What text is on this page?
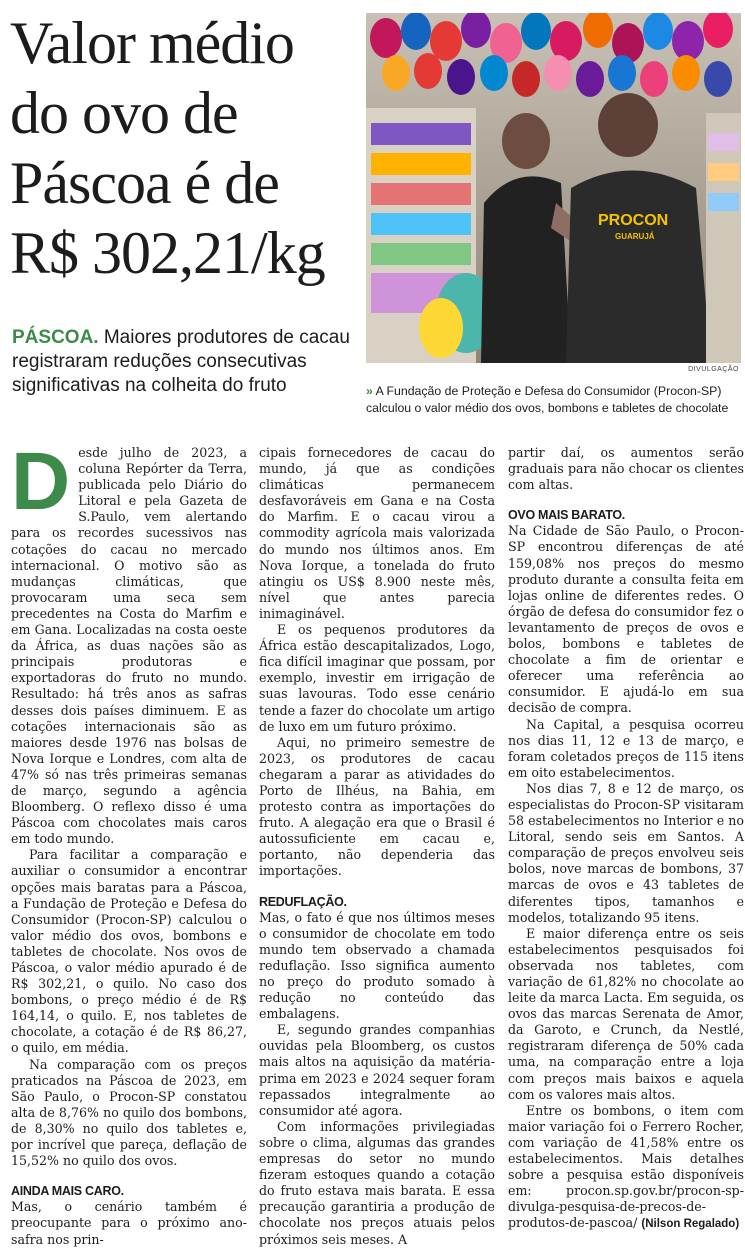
Valor médio do ovo de Páscoa é de R$ 302,21/kg

PÁSCOA. Maiores produtores de cacau registraram reduções consecutivas significativas na colheita do fruto

PROCON
GUARUJÁ
DIVULGAÇÃO

» A Fundação de Proteção e Defesa do Consumidor (Procon-SP) calculou o valor médio dos ovos, bombons e tabletes de chocolate

Desde julho de 2023, a coluna Repórter da Terra, publicada pelo Diário do Litoral e pela Gazeta de S.Paulo, vem alertando para os recordes sucessivos nas cotações do cacau no mercado internacional. O motivo são as mudanças climáticas, que provocaram uma seca sem precedentes na Costa do Marfim e em Gana. Localizadas na costa oeste da África, as duas nações são as principais produtoras e exportadoras do fruto no mundo. Resultado: há três anos as safras desses dois países diminuem. E as cotações internacionais são as maiores desde 1976 nas bolsas de Nova Iorque e Londres, com alta de 47% só nas três primeiras semanas de março, segundo a agência Bloomberg. O reflexo disso é uma Páscoa com chocolates mais caros em todo mundo.

Para facilitar a comparação e auxiliar o consumidor a encontrar opções mais baratas para a Páscoa, a Fundação de Proteção e Defesa do Consumidor (Procon-SP) calculou o valor médio dos ovos, bombons e tabletes de chocolate. Nos ovos de Páscoa, o valor médio apurado é de R$ 302,21, o quilo. No caso dos bombons, o preço médio é de R$ 164,14, o quilo. E, nos tabletes de chocolate, a cotação é de R$ 86,27, o quilo, em média.

Na comparação com os preços praticados na Páscoa de 2023, em São Paulo, o Procon-SP constatou alta de 8,76% no quilo dos bombons, de 8,30% no quilo dos tabletes e, por incrível que pareça, deflação de 15,52% no quilo dos ovos.

AINDA MAIS CARO.

Mas, o cenário também é preocupante para o próximo ano-safra nos prin-

cipais fornecedores de cacau do mundo, já que as condições climáticas permanecem desfavoráveis em Gana e na Costa do Marfim. E o cacau virou a commodity agrícola mais valorizada do mundo nos últimos anos. Em Nova Iorque, a tonelada do fruto atingiu os US$ 8.900 neste mês, nível que antes parecia inimaginável.

E os pequenos produtores da África estão descapitalizados, Logo, fica difícil imaginar que possam, por exemplo, investir em irrigação de suas lavouras. Todo esse cenário tende a fazer do chocolate um artigo de luxo em um futuro próximo.

Aqui, no primeiro semestre de 2023, os produtores de cacau chegaram a parar as atividades do Porto de Ilhéus, na Bahia, em protesto contra as importações do fruto. A alegação era que o Brasil é autossuficiente em cacau e, portanto, não dependeria das importações.

REDUFLAÇÃO.

Mas, o fato é que nos últimos meses o consumidor de chocolate em todo mundo tem observado a chamada reduflação. Isso significa aumento no preço do produto somado à redução no conteúdo das embalagens.

E, segundo grandes companhias ouvidas pela Bloomberg, os custos mais altos na aquisição da matéria-prima em 2023 e 2024 sequer foram repassados integralmente ao consumidor até agora.

Com informações privilegiadas sobre o clima, algumas das grandes empresas do setor no mundo fizeram estoques quando a cotação do fruto estava mais barata. E essa precaução garantiria a produção de chocolate nos preços atuais pelos próximos seis meses. A

partir daí, os aumentos serão graduais para não chocar os clientes com altas.

OVO MAIS BARATO.

Na Cidade de São Paulo, o Procon-SP encontrou diferenças de até 159,08% nos preços do mesmo produto durante a consulta feita em lojas online de diferentes redes. O órgão de defesa do consumidor fez o levantamento de preços de ovos e bolos, bombons e tabletes de chocolate a fim de orientar e oferecer uma referência ao consumidor. E ajudá-lo em sua decisão de compra.

Na Capital, a pesquisa ocorreu nos dias 11, 12 e 13 de março, e foram coletados preços de 115 itens em oito estabelecimentos.

Nos dias 7, 8 e 12 de março, os especialistas do Procon-SP visitaram 58 estabelecimentos no Interior e no Litoral, sendo seis em Santos. A comparação de preços envolveu seis bolos, nove marcas de bombons, 37 marcas de ovos e 43 tabletes de diferentes tipos, tamanhos e modelos, totalizando 95 itens.

E maior diferença entre os seis estabelecimentos pesquisados foi observada nos tabletes, com variação de 61,82% no chocolate ao leite da marca Lacta. Em seguida, os ovos das marcas Serenata de Amor, da Garoto, e Crunch, da Nestlé, registraram diferença de 50% cada uma, na comparação entre a loja com preços mais baixos e aquela com os valores mais altos.

Entre os bombons, o item com maior variação foi o Ferrero Rocher, com variação de 41,58% entre os estabelecimentos. Mais detalhes sobre a pesquisa estão disponíveis em: procon.sp.gov.br/procon-sp-divulga-pesquisa-de-precos-de-produtos-de-pascoa/ (Nilson Regalado)
